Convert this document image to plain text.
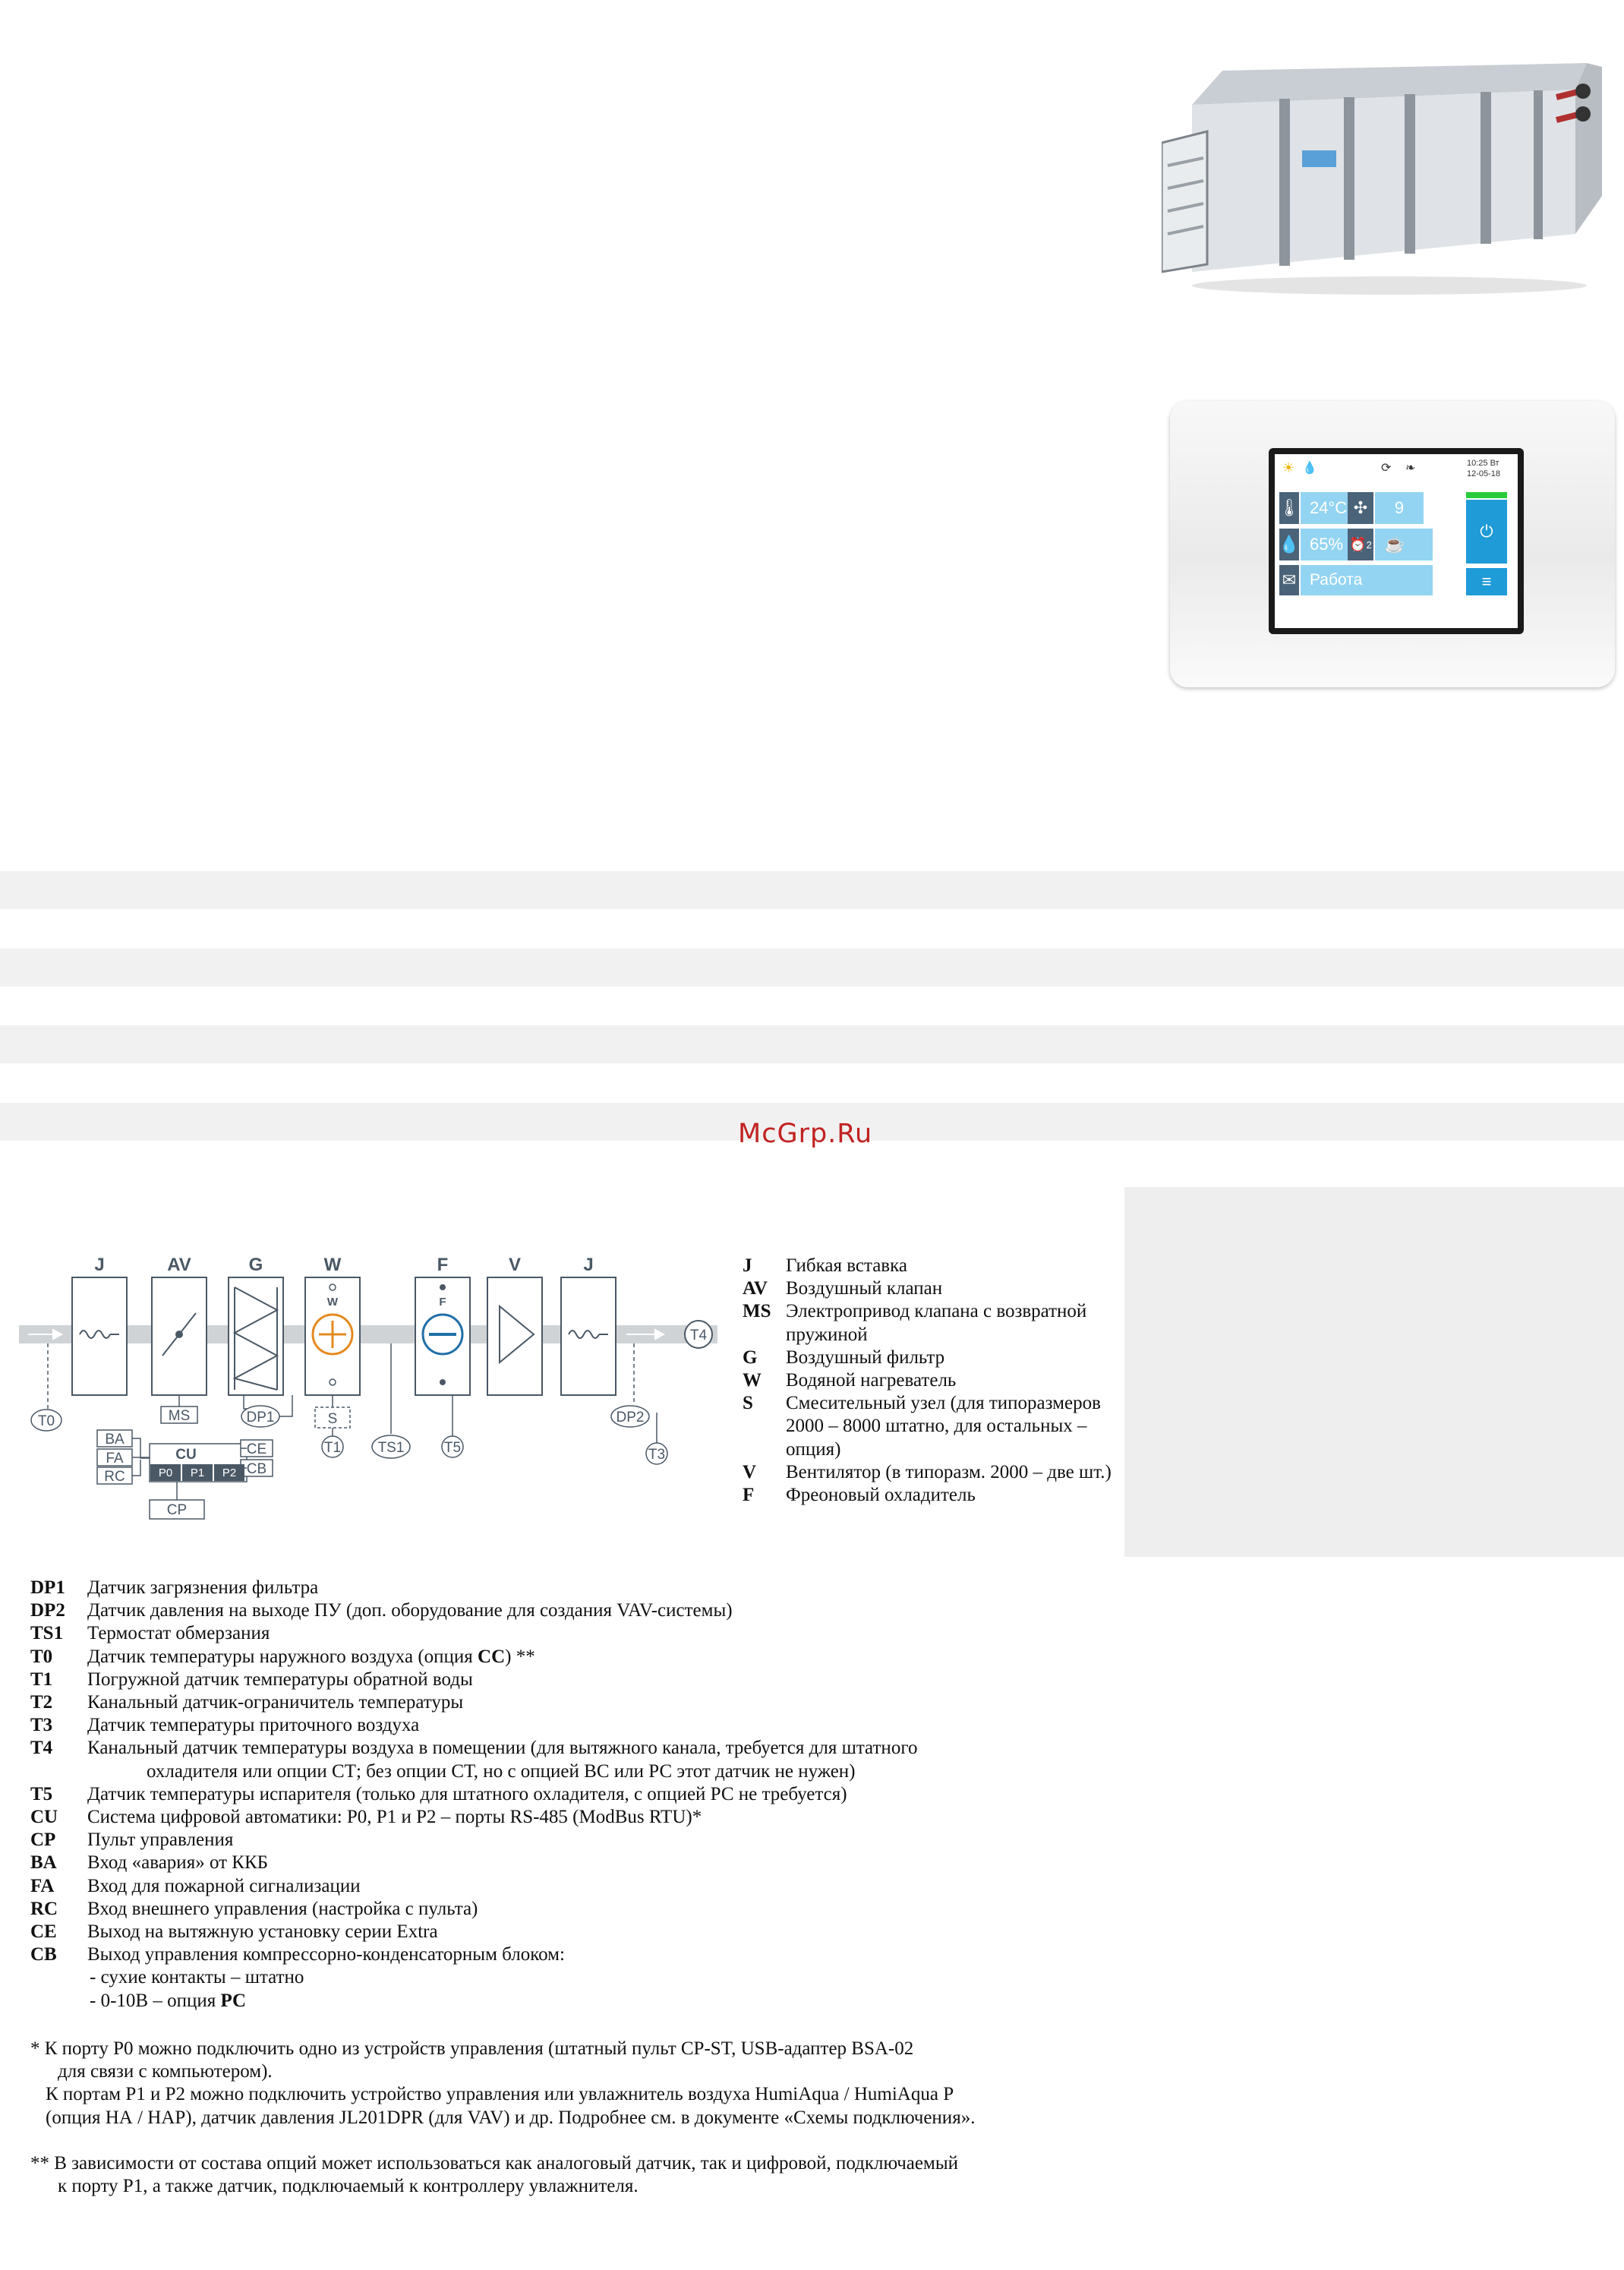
☀ 💧	⟳ ❧	10:25 Вт
12-05-18
🌡 24°C ✣	9
💧 65% ⏰ 2 ☕
✉ Работа
⏻
≡
McGrp.Ru
J	AV	G	W	F	V	J
W	F
MS	DP1	S
T1	TS1	T5
DP2
T3
T4
T0
BA
FA
RC
CE
CB
CP
CU
P0 P1 P2
J	Гибкая вставка
AV Воздушный клапан
MS Электропривод клапана с возвратной пружиной
G	Воздушный фильтр
W	Водяной нагреватель
S	Смесительный узел (для типоразмеров 2000 – 8000 штатно, для остальных – опция)
V	Вентилятор (в типоразм. 2000 – две шт.)
F	Фреоновый охладитель
DP1	Датчик загрязнения фильтра
DP2	Датчик давления на выходе ПУ (доп. оборудование для создания VAV-системы)
TS1	Термостат обмерзания
T0	Датчик температуры наружного воздуха (опция СС) **
T1	Погружной датчик температуры обратной воды
T2	Канальный датчик-ограничитель температуры
T3	Датчик температуры приточного воздуха
T4	Канальный датчик температуры воздуха в помещении (для вытяжного канала, требуется для штатного
охладителя или опции СТ; без опции СТ, но с опцией ВС или РС этот датчик не нужен)
T5	Датчик температуры испарителя (только для штатного охладителя, с опцией РС не требуется)
CU	Система цифровой автоматики: P0, P1 и P2 – порты RS-485 (ModBus RTU)*
CP	Пульт управления
BA	Вход «авария» от ККБ
FA	Вход для пожарной сигнализации
RC	Вход внешнего управления (настройка с пульта)
CE	Выход на вытяжную установку серии Extra
CB	Выход управления компрессорно-конденсаторным блоком:
- сухие контакты – штатно
- 0-10В – опция РС

* К порту P0 можно подключить одно из устройств управления (штатный пульт CP-ST, USB-адаптер BSA-02

для связи с компьютером).

К портам P1 и P2 можно подключить устройство управления или увлажнитель воздуха HumiAqua / HumiAqua P

(опция НА / НАР), датчик давления JL201DPR (для VAV) и др. Подробнее см. в документе «Схемы подключения».

** В зависимости от состава опций может использоваться как аналоговый датчик, так и цифровой, подключаемый

к порту P1, а также датчик, подключаемый к контроллеру увлажнителя.
